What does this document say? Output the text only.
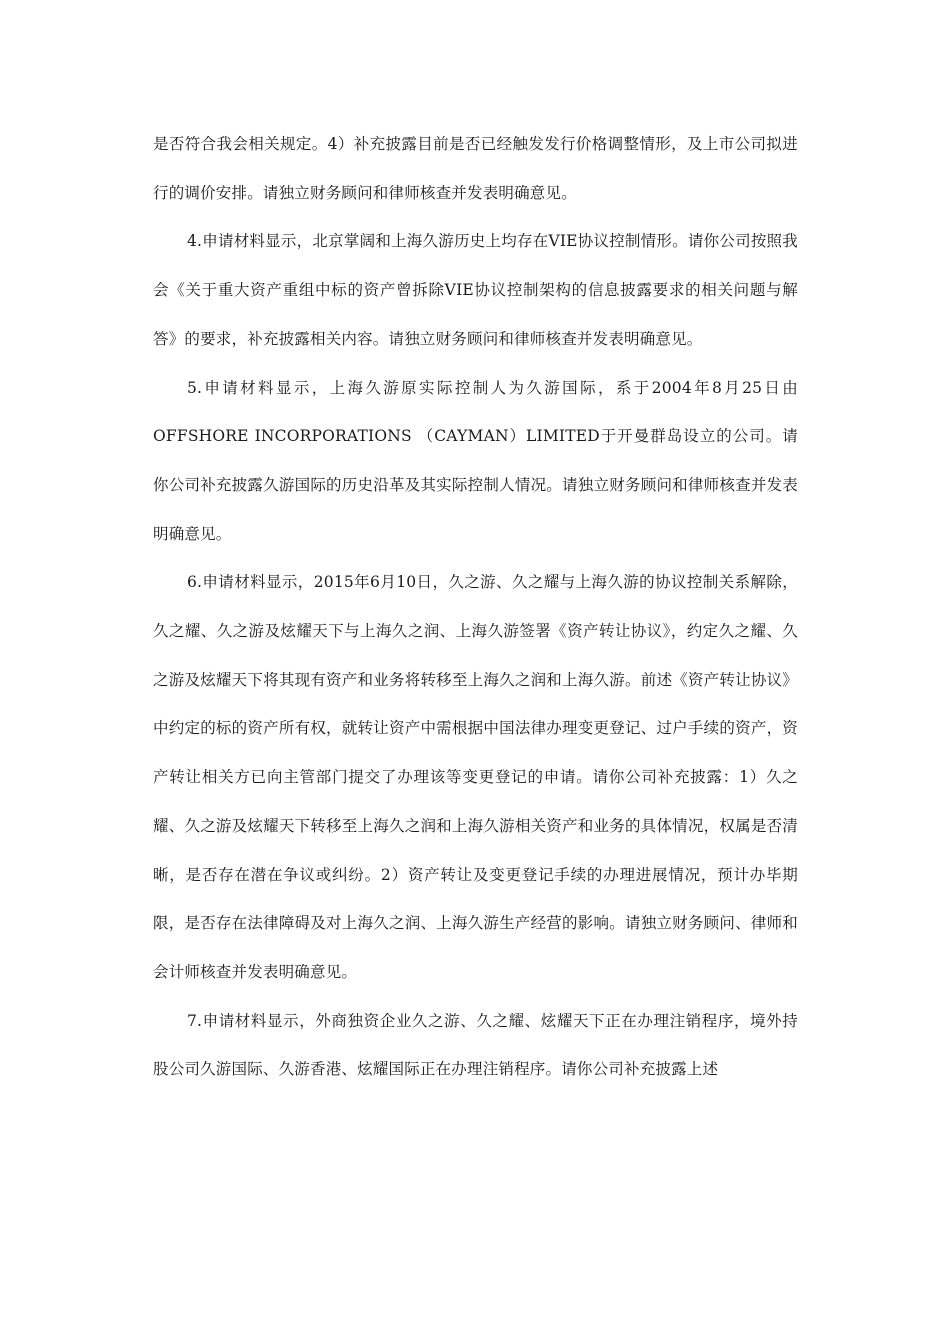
是否符合我会相关规定。4）补充披露目前是否已经触发发行价格调整情形，及上市公司拟进行的调价安排。请独立财务顾问和律师核查并发表明确意见。

4.申请材料显示，北京掌阔和上海久游历史上均存在VIE协议控制情形。请你公司按照我会《关于重大资产重组中标的资产曾拆除VIE协议控制架构的信息披露要求的相关问题与解答》的要求，补充披露相关内容。请独立财务顾问和律师核查并发表明确意见。

5.申请材料显示，上海久游原实际控制人为久游国际，系于2004年8月25日由OFFSHORE INCORPORATIONS （CAYMAN）LIMITED于开曼群岛设立的公司。请你公司补充披露久游国际的历史沿革及其实际控制人情况。请独立财务顾问和律师核查并发表明确意见。

6.申请材料显示，2015年6月10日，久之游、久之耀与上海久游的协议控制关系解除，久之耀、久之游及炫耀天下与上海久之润、上海久游签署《资产转让协议》，约定久之耀、久之游及炫耀天下将其现有资产和业务将转移至上海久之润和上海久游。前述《资产转让协议》中约定的标的资产所有权，就转让资产中需根据中国法律办理变更登记、过户手续的资产，资产转让相关方已向主管部门提交了办理该等变更登记的申请。请你公司补充披露：1）久之耀、久之游及炫耀天下转移至上海久之润和上海久游相关资产和业务的具体情况，权属是否清晰，是否存在潜在争议或纠纷。2）资产转让及变更登记手续的办理进展情况，预计办毕期限，是否存在法律障碍及对上海久之润、上海久游生产经营的影响。请独立财务顾问、律师和会计师核查并发表明确意见。

7.申请材料显示，外商独资企业久之游、久之耀、炫耀天下正在办理注销程序，境外持股公司久游国际、久游香港、炫耀国际正在办理注销程序。请你公司补充披露上述
